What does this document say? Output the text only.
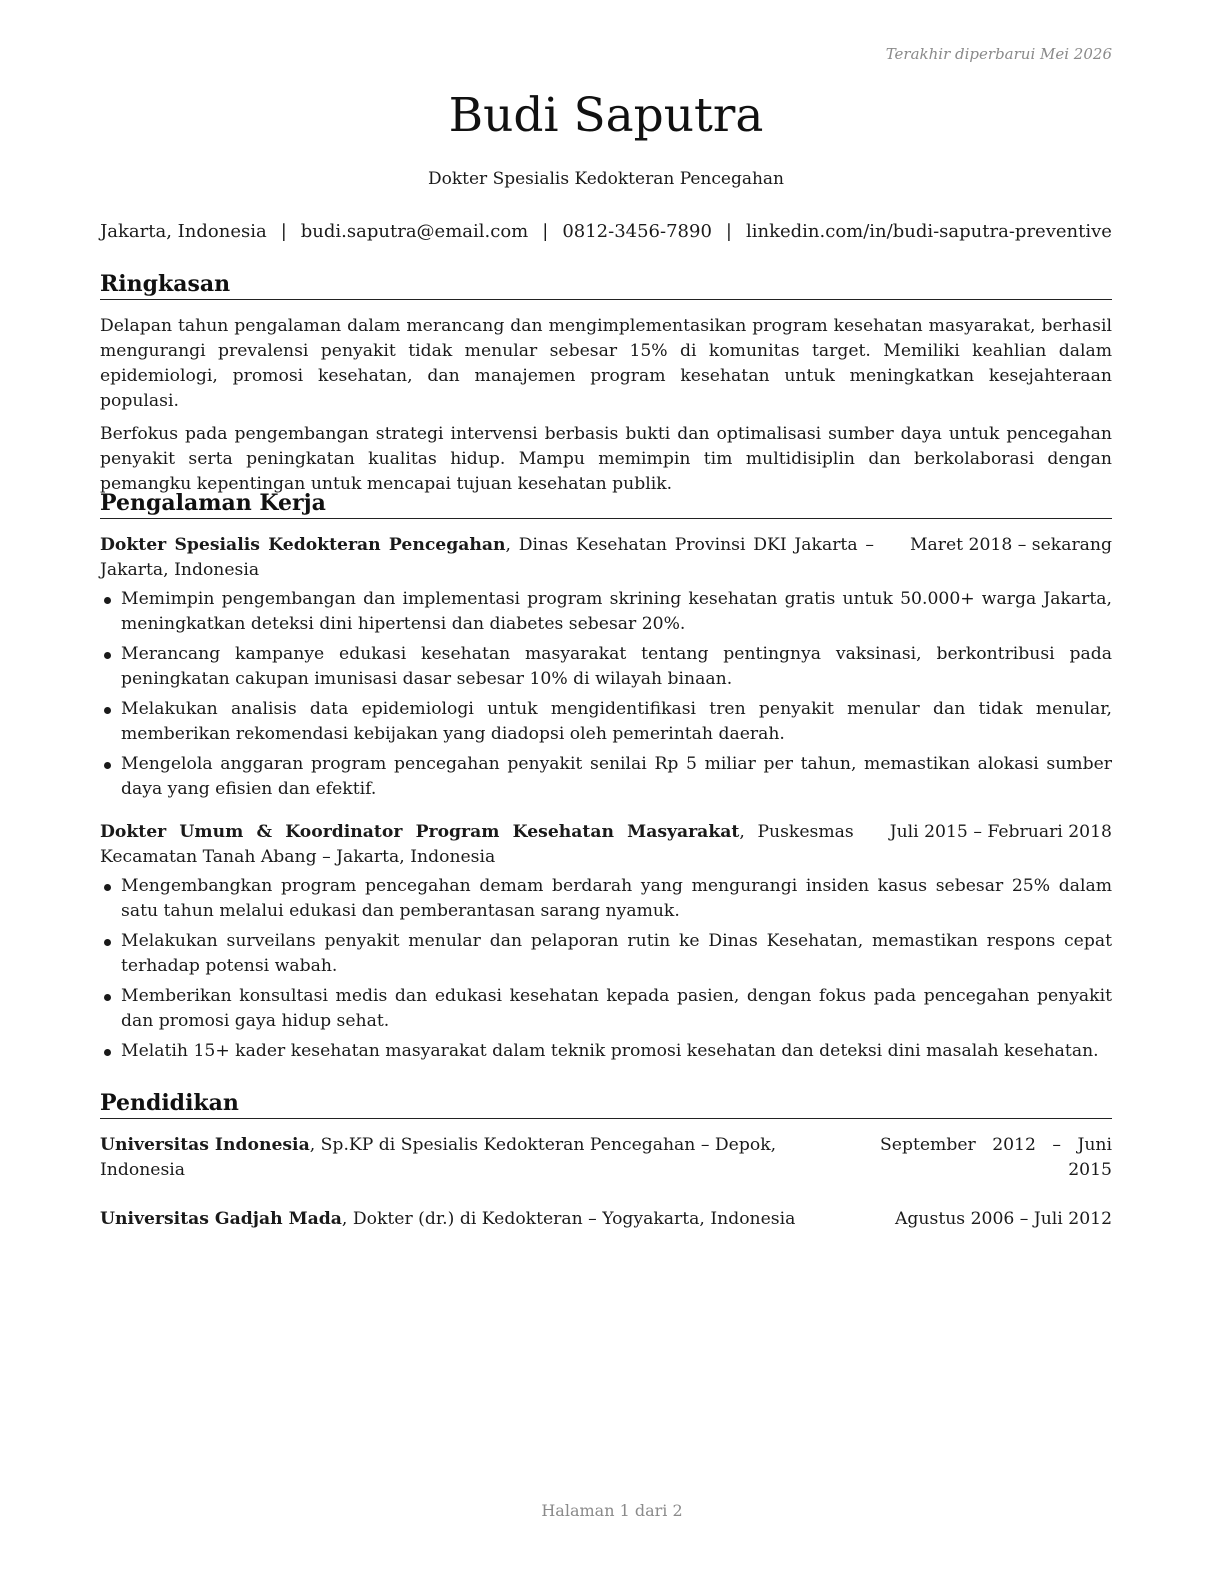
Terakhir diperbarui Mei 2026
Budi Saputra
Dokter Spesialis Kedokteran Pencegahan
Jakarta, Indonesia | budi.saputra@email.com | 0812-3456-7890 | linkedin.com/in/budi-saputra-preventive
Ringkasan

Delapan tahun pengalaman dalam merancang dan mengimplementasikan program kesehatan masyarakat, berhasil mengurangi prevalensi penyakit tidak menular sebesar 15% di komunitas target. Memiliki keahlian dalam epidemiologi, promosi kesehatan, dan manajemen program kesehatan untuk meningkatkan kesejahteraan populasi.

Berfokus pada pengembangan strategi intervensi berbasis bukti dan optimalisasi sumber daya untuk pencegahan penyakit serta peningkatan kualitas hidup. Mampu memimpin tim multidisiplin dan berkolaborasi dengan pemangku kepentingan untuk mencapai tujuan kesehatan publik.

Pengalaman Kerja
Maret 2018 – sekarang
Dokter Spesialis Kedokteran Pencegahan, Dinas Kesehatan Provinsi DKI Jakarta – Jakarta, Indonesia
Memimpin pengembangan dan implementasi program skrining kesehatan gratis untuk 50.000+ warga Jakarta, meningkatkan deteksi dini hipertensi dan diabetes sebesar 20%.
Merancang kampanye edukasi kesehatan masyarakat tentang pentingnya vaksinasi, berkontribusi pada peningkatan cakupan imunisasi dasar sebesar 10% di wilayah binaan.
Melakukan analisis data epidemiologi untuk mengidentifikasi tren penyakit menular dan tidak menular, memberikan rekomendasi kebijakan yang diadopsi oleh pemerintah daerah.
Mengelola anggaran program pencegahan penyakit senilai Rp 5 miliar per tahun, memastikan alokasi sumber daya yang efisien dan efektif.
Juli 2015 – Februari 2018
Dokter Umum & Koordinator Program Kesehatan Masyarakat, Puskesmas Kecamatan Tanah Abang – Jakarta, Indonesia
Mengembangkan program pencegahan demam berdarah yang mengurangi insiden kasus sebesar 25% dalam satu tahun melalui edukasi dan pemberantasan sarang nyamuk.
Melakukan surveilans penyakit menular dan pelaporan rutin ke Dinas Kesehatan, memastikan respons cepat terhadap potensi wabah.
Memberikan konsultasi medis dan edukasi kesehatan kepada pasien, dengan fokus pada pencegahan penyakit dan promosi gaya hidup sehat.
Melatih 15+ kader kesehatan masyarakat dalam teknik promosi kesehatan dan deteksi dini masalah kesehatan.
Pendidikan
Universitas Indonesia, Sp.KP di Spesialis Kedokteran Pencegahan – Depok, Indonesia
September 2012 – Juni 2015
Universitas Gadjah Mada, Dokter (dr.) di Kedokteran – Yogyakarta, Indonesia	Agustus 2006 – Juli 2012
Halaman 1 dari 2
